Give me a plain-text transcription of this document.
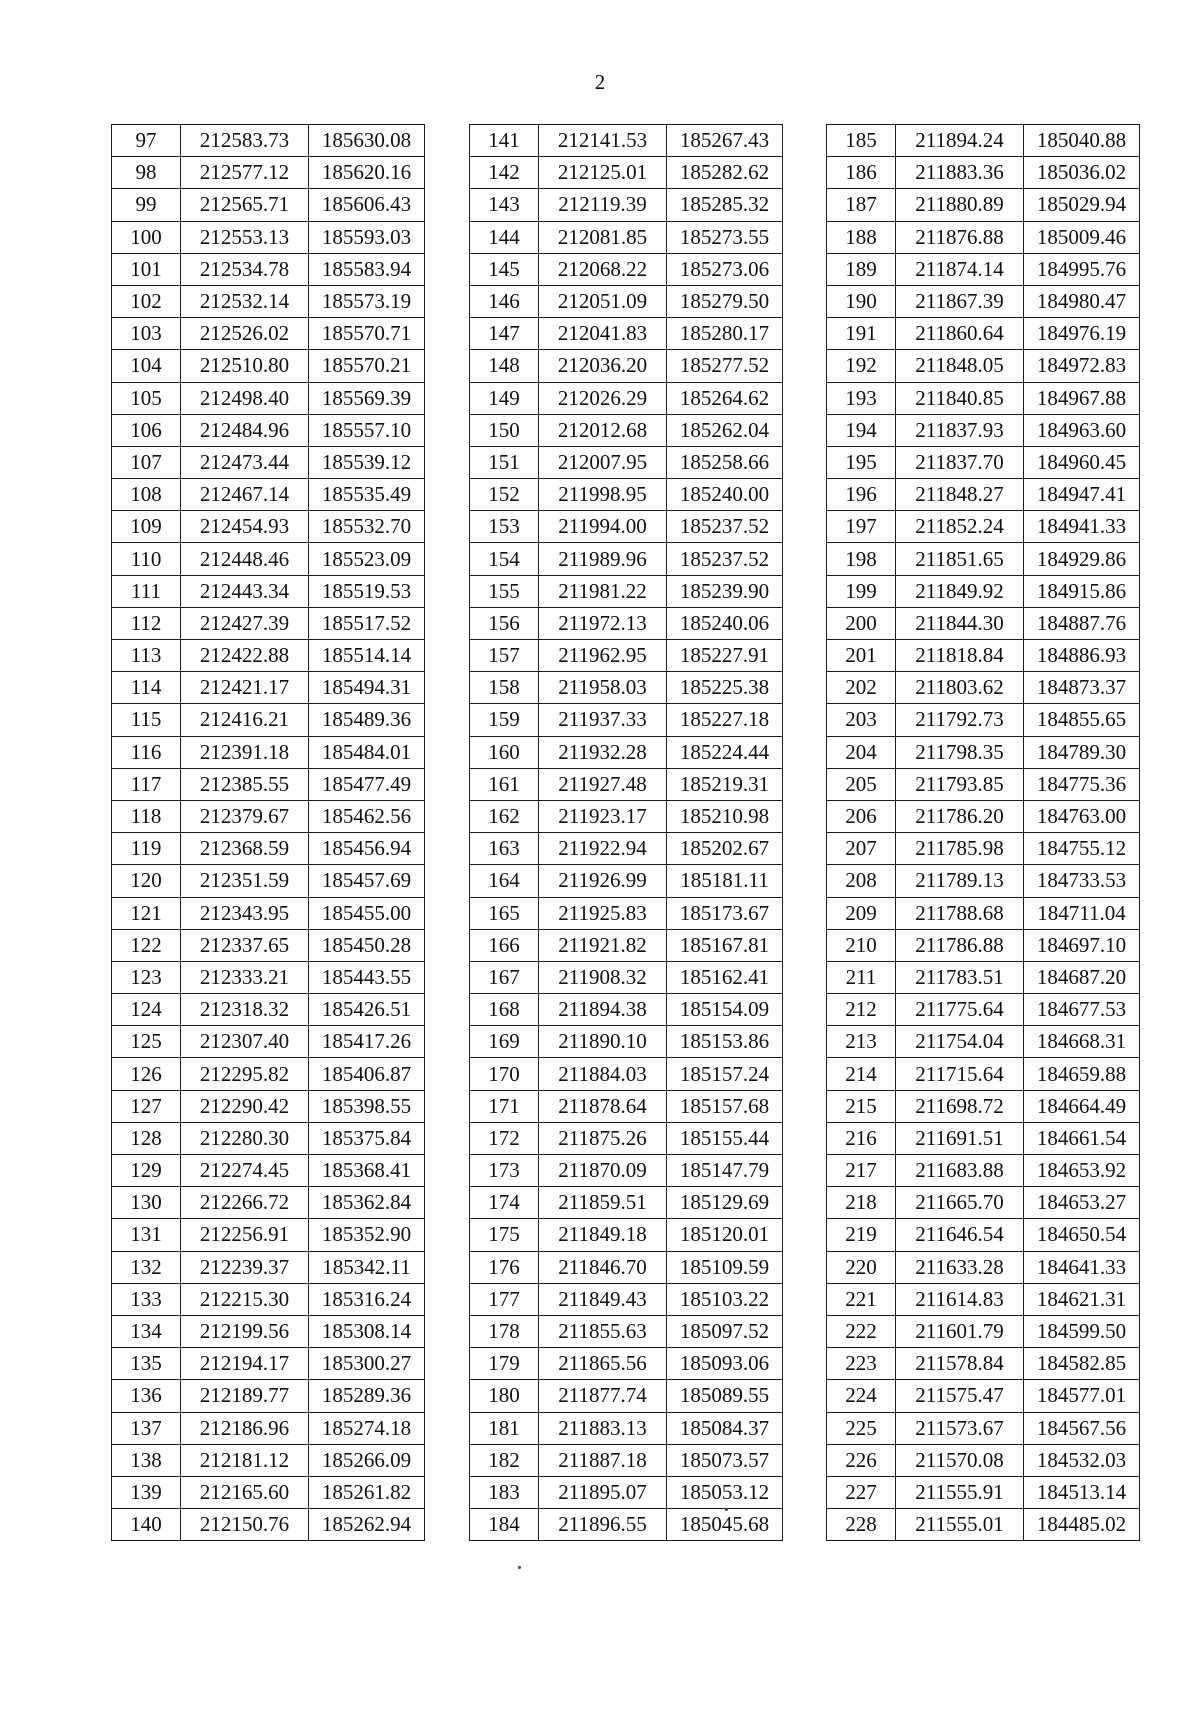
2
97	212583.73	185630.08
98	212577.12	185620.16
99	212565.71	185606.43
100	212553.13	185593.03
101	212534.78	185583.94
102	212532.14	185573.19
103	212526.02	185570.71
104	212510.80	185570.21
105	212498.40	185569.39
106	212484.96	185557.10
107	212473.44	185539.12
108	212467.14	185535.49
109	212454.93	185532.70
110	212448.46	185523.09
111	212443.34	185519.53
112	212427.39	185517.52
113	212422.88	185514.14
114	212421.17	185494.31
115	212416.21	185489.36
116	212391.18	185484.01
117	212385.55	185477.49
118	212379.67	185462.56
119	212368.59	185456.94
120	212351.59	185457.69
121	212343.95	185455.00
122	212337.65	185450.28
123	212333.21	185443.55
124	212318.32	185426.51
125	212307.40	185417.26
126	212295.82	185406.87
127	212290.42	185398.55
128	212280.30	185375.84
129	212274.45	185368.41
130	212266.72	185362.84
131	212256.91	185352.90
132	212239.37	185342.11
133	212215.30	185316.24
134	212199.56	185308.14
135	212194.17	185300.27
136	212189.77	185289.36
137	212186.96	185274.18
138	212181.12	185266.09
139	212165.60	185261.82
140	212150.76	185262.94
141	212141.53	185267.43
142	212125.01	185282.62
143	212119.39	185285.32
144	212081.85	185273.55
145	212068.22	185273.06
146	212051.09	185279.50
147	212041.83	185280.17
148	212036.20	185277.52
149	212026.29	185264.62
150	212012.68	185262.04
151	212007.95	185258.66
152	211998.95	185240.00
153	211994.00	185237.52
154	211989.96	185237.52
155	211981.22	185239.90
156	211972.13	185240.06
157	211962.95	185227.91
158	211958.03	185225.38
159	211937.33	185227.18
160	211932.28	185224.44
161	211927.48	185219.31
162	211923.17	185210.98
163	211922.94	185202.67
164	211926.99	185181.11
165	211925.83	185173.67
166	211921.82	185167.81
167	211908.32	185162.41
168	211894.38	185154.09
169	211890.10	185153.86
170	211884.03	185157.24
171	211878.64	185157.68
172	211875.26	185155.44
173	211870.09	185147.79
174	211859.51	185129.69
175	211849.18	185120.01
176	211846.70	185109.59
177	211849.43	185103.22
178	211855.63	185097.52
179	211865.56	185093.06
180	211877.74	185089.55
181	211883.13	185084.37
182	211887.18	185073.57
183	211895.07	185053.12
184	211896.55	185045.68
185	211894.24	185040.88
186	211883.36	185036.02
187	211880.89	185029.94
188	211876.88	185009.46
189	211874.14	184995.76
190	211867.39	184980.47
191	211860.64	184976.19
192	211848.05	184972.83
193	211840.85	184967.88
194	211837.93	184963.60
195	211837.70	184960.45
196	211848.27	184947.41
197	211852.24	184941.33
198	211851.65	184929.86
199	211849.92	184915.86
200	211844.30	184887.76
201	211818.84	184886.93
202	211803.62	184873.37
203	211792.73	184855.65
204	211798.35	184789.30
205	211793.85	184775.36
206	211786.20	184763.00
207	211785.98	184755.12
208	211789.13	184733.53
209	211788.68	184711.04
210	211786.88	184697.10
211	211783.51	184687.20
212	211775.64	184677.53
213	211754.04	184668.31
214	211715.64	184659.88
215	211698.72	184664.49
216	211691.51	184661.54
217	211683.88	184653.92
218	211665.70	184653.27
219	211646.54	184650.54
220	211633.28	184641.33
221	211614.83	184621.31
222	211601.79	184599.50
223	211578.84	184582.85
224	211575.47	184577.01
225	211573.67	184567.56
226	211570.08	184532.03
227	211555.91	184513.14
228	211555.01	184485.02
